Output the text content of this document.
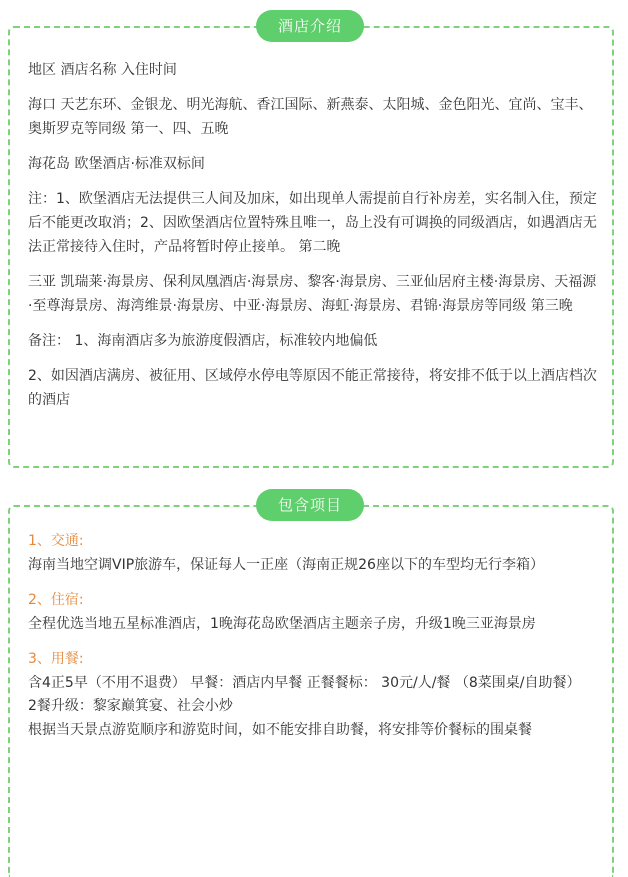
酒店介绍

地区 酒店名称 入住时间

海口 天艺东环、金银龙、明光海航、香江国际、新燕泰、太阳城、金色阳光、宜尚、宝丰、奥斯罗克等同级 第一、四、五晚

海花岛 欧堡酒店·标准双标间

注：1、欧堡酒店无法提供三人间及加床，如出现单人需提前自行补房差，实名制入住，预定后不能更改取消；2、因欧堡酒店位置特殊且唯一，岛上没有可调换的同级酒店，如遇酒店无法正常接待入住时，产品将暂时停止接单。 第二晚

三亚 凯瑞莱·海景房、保利凤凰酒店·海景房、黎客·海景房、三亚仙居府主楼·海景房、天福源·至尊海景房、海湾维景·海景房、中亚·海景房、海虹·海景房、君锦·海景房等同级 第三晚

备注： 1、海南酒店多为旅游度假酒店，标准较内地偏低

2、如因酒店满房、被征用、区域停水停电等原因不能正常接待，将安排不低于以上酒店档次的酒店

包含项目

1、交通:

海南当地空调VIP旅游车，保证每人一正座（海南正规26座以下的车型均无行李箱）

2、住宿:

全程优选当地五星标准酒店，1晚海花岛欧堡酒店主题亲子房，升级1晚三亚海景房

3、用餐:

含4正5早（不用不退费） 早餐：酒店内早餐 正餐餐标： 30元/人/餐 （8菜围桌/自助餐）

2餐升级：黎家巅箕宴、社会小炒

根据当天景点游览顺序和游览时间，如不能安排自助餐，将安排等价餐标的围桌餐
